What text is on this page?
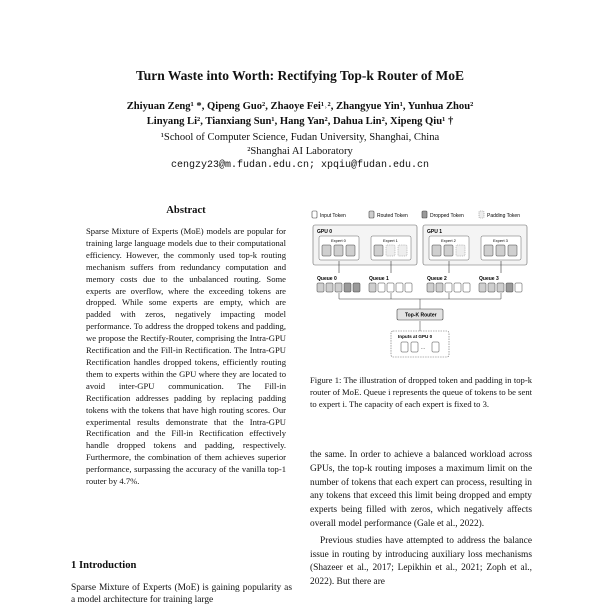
Turn Waste into Worth: Rectifying Top-k Router of MoE
Zhiyuan Zeng¹ *, Qipeng Guo², Zhaoye Fei¹˒², Zhangyue Yin¹, Yunhua Zhou²
Linyang Li², Tianxiang Sun¹, Hang Yan², Dahua Lin², Xipeng Qiu¹ †
¹School of Computer Science, Fudan University, Shanghai, China
²Shanghai AI Laboratory
cengzy23@m.fudan.edu.cn; xpqiu@fudan.edu.cn
Abstract
Sparse Mixture of Experts (MoE) models are popular for training large language models due to their computational efficiency. However, the commonly used top-k routing mechanism suffers from redundancy computation and memory costs due to the unbalanced routing. Some experts are overflow, where the exceeding tokens are dropped. While some experts are empty, which are padded with zeros, negatively impacting model performance. To address the dropped tokens and padding, we propose the Rectify-Router, comprising the Intra-GPU Rectification and the Fill-in Rectification. The Intra-GPU Rectification handles dropped tokens, efficiently routing them to experts within the GPU where they are located to avoid inter-GPU communication. The Fill-in Rectification addresses padding by replacing padding tokens with the tokens that have high routing scores. Our experimental results demonstrate that the Intra-GPU Rectification and the Fill-in Rectification effectively handle dropped tokens and padding, respectively. Furthermore, the combination of them achieves superior performance, surpassing the accuracy of the vanilla top-1 router by 4.7%.
1 Introduction
Sparse Mixture of Experts (MoE) is gaining popularity as a model architecture for training large
Input Token	Routed Token	Dropped Token	Padding Token
GPU 0	GPU 1
Expert 0	Expert 1	Expert 2	Expert 3
Queue 0	Queue 1	Queue 2	Queue 3
Top-K Router
Inputs at GPU 0
…
Figure 1: The illustration of dropped token and padding in top-k router of MoE. Queue i represents the queue of tokens to be sent to expert i. The capacity of each expert is fixed to 3.

the same. In order to achieve a balanced workload across GPUs, the top-k routing imposes a maximum limit on the number of tokens that each expert can process, resulting in any tokens that exceed this limit being dropped and empty experts being filled with zeros, which negatively affects overall model performance (Gale et al., 2022).

Previous studies have attempted to address the balance issue in routing by introducing auxiliary loss mechanisms (Shazeer et al., 2017; Lepikhin et al., 2021; Zoph et al., 2022). But there are
